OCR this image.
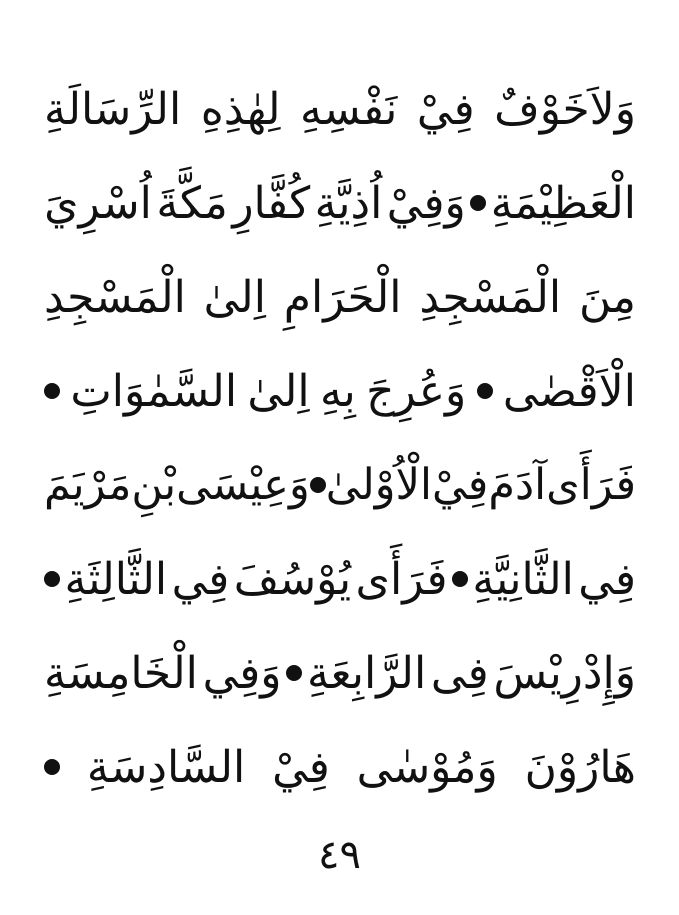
وَلاَخَوْفٌ
فِيْ
نَفْسِهِ
لِهٰذِهِ
الرِّسَالَةِ
الْعَظِيْمَةِ
وَفِيْ
اُذِيَّةِ
كُفَّارِ
مَكَّةَ
اُسْرِيَ
مِنَ
الْمَسْجِدِ
الْحَرَامِ
اِلىٰ
الْمَسْجِدِ
الْاَقْصٰى
وَعُرِجَ
بِهِ
اِلىٰ
السَّمٰوَاتِ
فَرَأَى
آدَمَ
فِيْ
الْاُوْلىٰ
وَعِيْسَى
بْنِ
مَرْيَمَ
فِي
الثَّانِيَّةِ
فَرَأَى
يُوْسُفَ
فِي
الثَّالِثَةِ
وَإِدْرِيْسَ
فِى
الرَّابِعَةِ
وَفِي
الْخَامِسَةِ
هَارُوْنَ
وَمُوْسٰى
فِيْ
السَّادِسَةِ
٤٩
